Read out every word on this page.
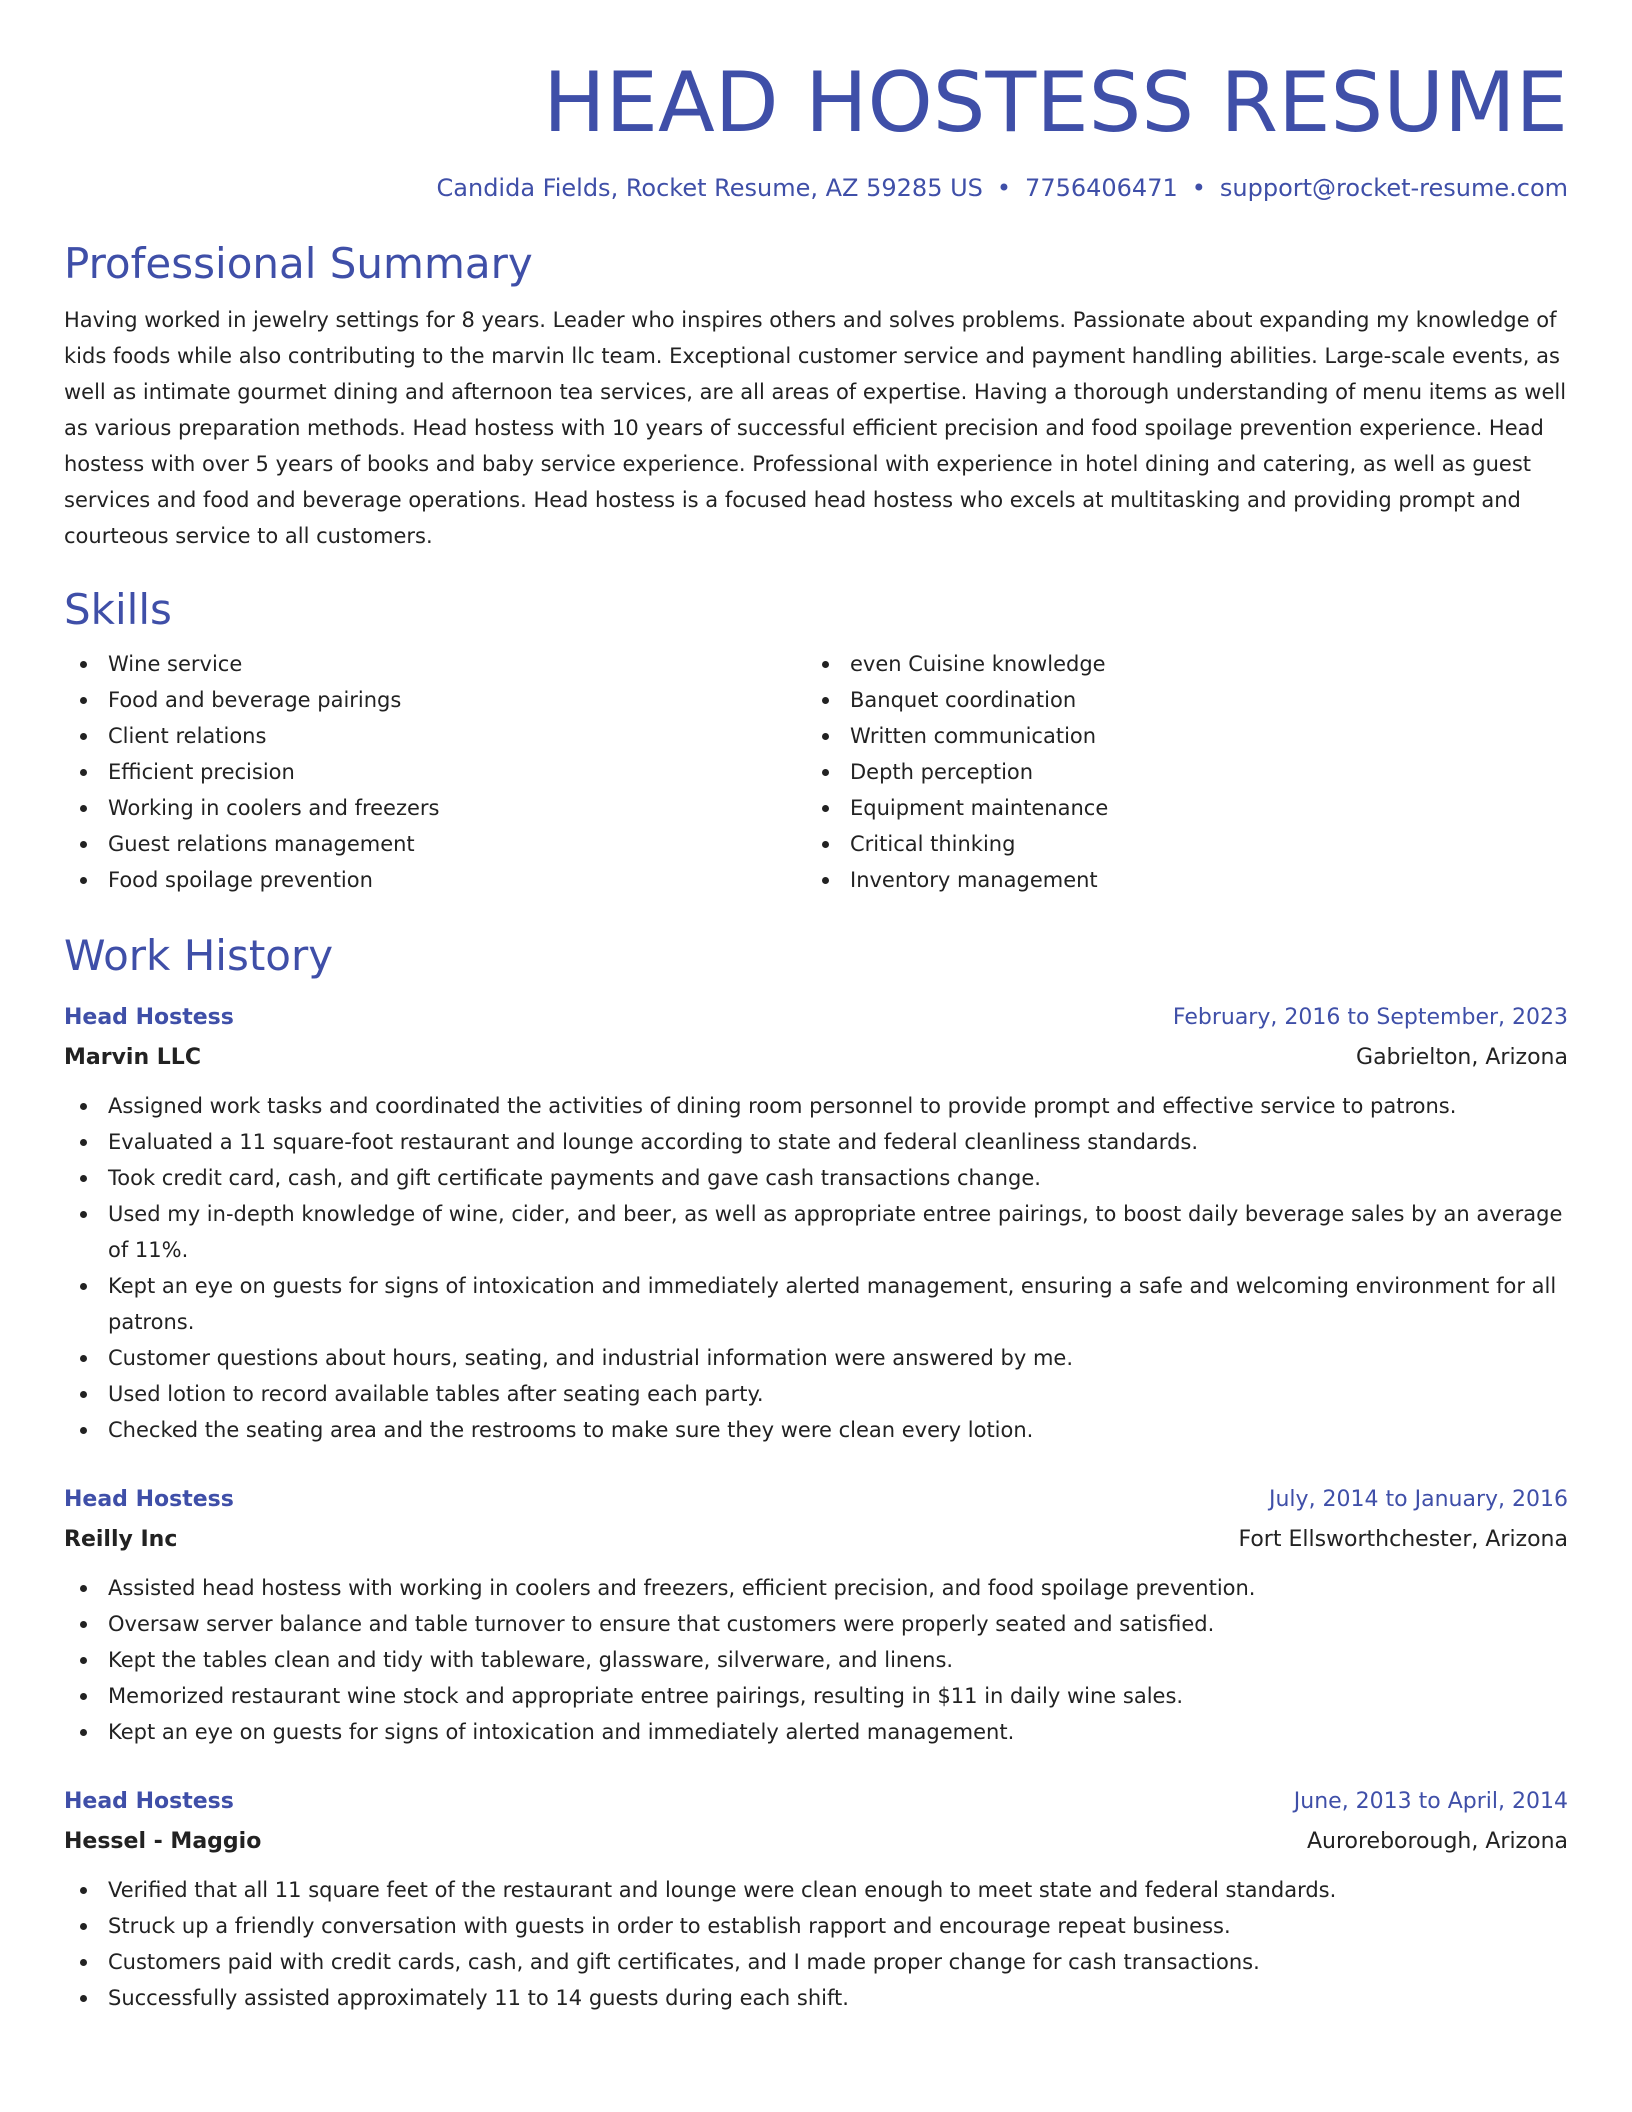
HEAD HOSTESS RESUME
Candida Fields, Rocket Resume, AZ 59285 US • 7756406471 • support@rocket-resume.com
Professional Summary

Having worked in jewelry settings for 8 years. Leader who inspires others and solves problems. Passionate about expanding my knowledge of kids foods while also contributing to the marvin llc team. Exceptional customer service and payment handling abilities. Large-scale events, as well as intimate gourmet dining and afternoon tea services, are all areas of expertise. Having a thorough understanding of menu items as well as various preparation methods. Head hostess with 10 years of successful efficient precision and food spoilage prevention experience. Head hostess with over 5 years of books and baby service experience. Professional with experience in hotel dining and catering, as well as guest services and food and beverage operations. Head hostess is a focused head hostess who excels at multitasking and providing prompt and courteous service to all customers.

Skills
Wine service
Food and beverage pairings
Client relations
Efficient precision
Working in coolers and freezers
Guest relations management
Food spoilage prevention
even Cuisine knowledge
Banquet coordination
Written communication
Depth perception
Equipment maintenance
Critical thinking
Inventory management
Work History
Head Hostess	February, 2016 to September, 2023
Marvin LLC	Gabrielton, Arizona
Assigned work tasks and coordinated the activities of dining room personnel to provide prompt and effective service to patrons.
Evaluated a 11 square-foot restaurant and lounge according to state and federal cleanliness standards.
Took credit card, cash, and gift certificate payments and gave cash transactions change.
Used my in-depth knowledge of wine, cider, and beer, as well as appropriate entree pairings, to boost daily beverage sales by an average of 11%.
Kept an eye on guests for signs of intoxication and immediately alerted management, ensuring a safe and welcoming environment for all patrons.
Customer questions about hours, seating, and industrial information were answered by me.
Used lotion to record available tables after seating each party.
Checked the seating area and the restrooms to make sure they were clean every lotion.
Head Hostess	July, 2014 to January, 2016
Reilly Inc	Fort Ellsworthchester, Arizona
Assisted head hostess with working in coolers and freezers, efficient precision, and food spoilage prevention.
Oversaw server balance and table turnover to ensure that customers were properly seated and satisfied.
Kept the tables clean and tidy with tableware, glassware, silverware, and linens.
Memorized restaurant wine stock and appropriate entree pairings, resulting in $11 in daily wine sales.
Kept an eye on guests for signs of intoxication and immediately alerted management.
Head Hostess	June, 2013 to April, 2014
Hessel - Maggio	Auroreborough, Arizona
Verified that all 11 square feet of the restaurant and lounge were clean enough to meet state and federal standards.
Struck up a friendly conversation with guests in order to establish rapport and encourage repeat business.
Customers paid with credit cards, cash, and gift certificates, and I made proper change for cash transactions.
Successfully assisted approximately 11 to 14 guests during each shift.
